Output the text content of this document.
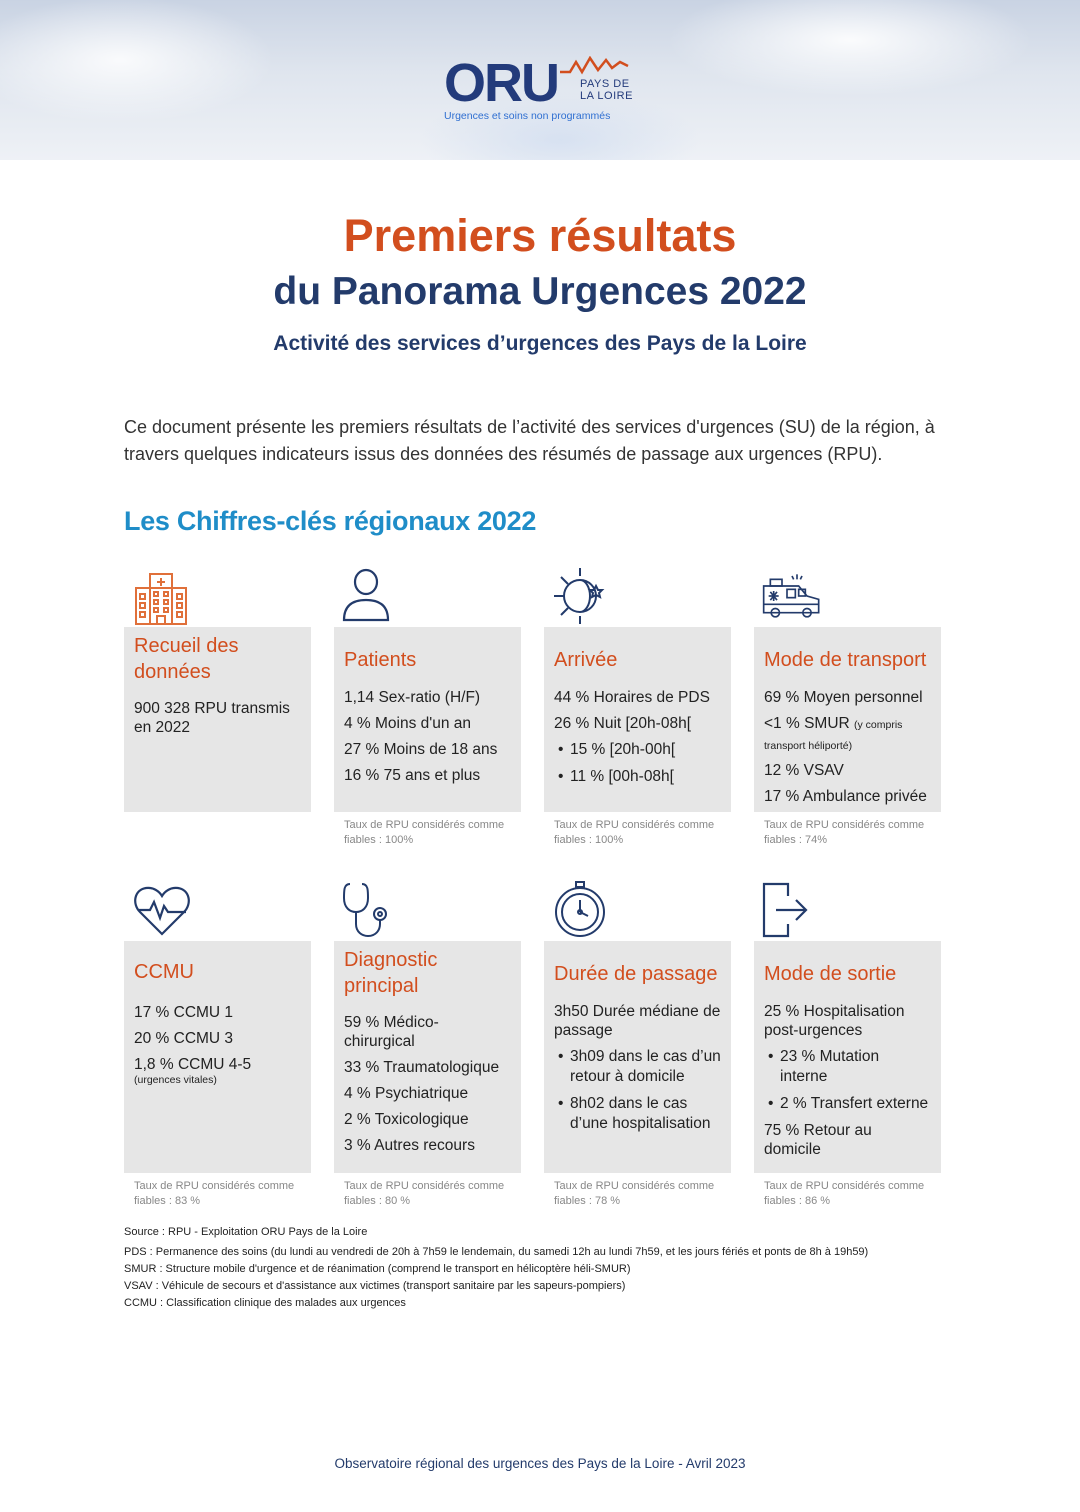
ORU PAYS DE
LA LOIRE
Urgences et soins non programmés
Premiers résultats
du Panorama Urgences 2022
Activité des services d’urgences des Pays de la Loire
Ce document présente les premiers résultats de l’activité des services d'urgences (SU) de la région, à travers quelques indicateurs issus des données des résumés de passage aux urgences (RPU).
Les Chiffres-clés régionaux 2022
Recueil des données
900 328 RPU transmis en 2022
Patients
1,14 Sex-ratio (H/F)
4 % Moins d'un an
27 % Moins de 18 ans
16 % 75 ans et plus
Arrivée
44 % Horaires de PDS
26 % Nuit [20h-08h[
• 15 % [20h-00h[
• 11 % [00h-08h[
Mode de transport
69 % Moyen personnel
<1 % SMUR (y compris transport héliporté)
12 % VSAV
17 % Ambulance privée
Taux de RPU considérés comme fiables : 100%
Taux de RPU considérés comme fiables : 100%
Taux de RPU considérés comme fiables : 74%
CCMU
17 % CCMU 1
20 % CCMU 3
1,8 % CCMU 4-5
(urgences vitales)
Diagnostic principal
59 % Médico-chirurgical
33 % Traumatologique
4 % Psychiatrique
2 % Toxicologique
3 % Autres recours
Durée de passage
3h50 Durée médiane de passage
• 3h09 dans le cas d’un retour à domicile
• 8h02 dans le cas d’une hospitalisation
Mode de sortie
25 % Hospitalisation post-urgences
• 23 % Mutation interne
• 2 % Transfert externe
75 % Retour au domicile
Taux de RPU considérés comme fiables : 83 %
Taux de RPU considérés comme fiables : 80 %
Taux de RPU considérés comme fiables : 78 %
Taux de RPU considérés comme fiables : 86 %
Source : RPU - Exploitation ORU Pays de la Loire
PDS : Permanence des soins (du lundi au vendredi de 20h à 7h59 le lendemain, du samedi 12h au lundi 7h59, et les jours fériés et ponts de 8h à 19h59)
SMUR : Structure mobile d'urgence et de réanimation (comprend le transport en hélicoptère héli-SMUR)
VSAV : Véhicule de secours et d'assistance aux victimes (transport sanitaire par les sapeurs-pompiers)
CCMU : Classification clinique des malades aux urgences
Observatoire régional des urgences des Pays de la Loire - Avril 2023
